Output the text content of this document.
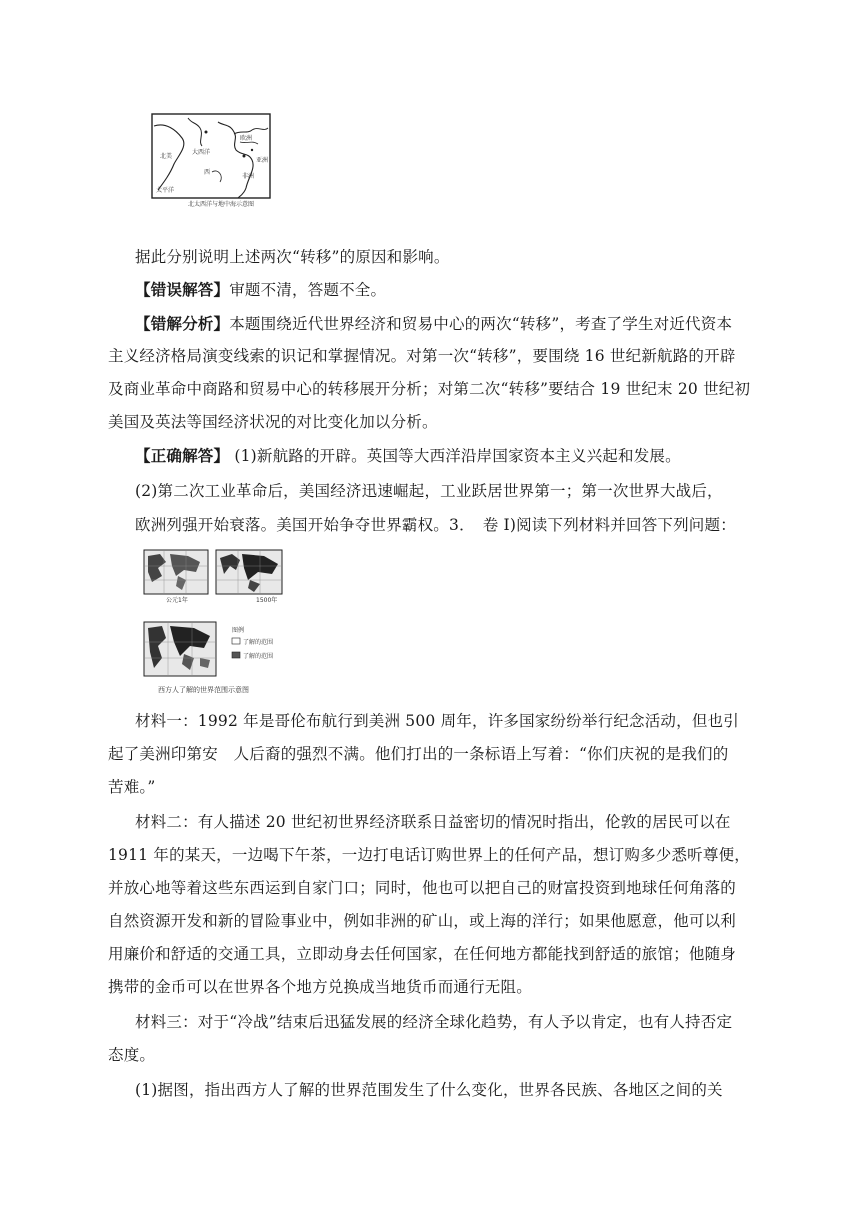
北美
大西洋
欧洲
太平洋
亚洲
非洲
西
北太西洋与地中海示意图
据此分别说明上述两次“转移”的原因和影响。
【错误解答】审题不清，答题不全。
【错解分析】本题围绕近代世界经济和贸易中心的两次“转移”，考查了学生对近代资本
主义经济格局演变线索的识记和掌握情况。对第一次“转移”，要围绕 16 世纪新航路的开辟
及商业革命中商路和贸易中心的转移展开分析；对第二次“转移”要结合 19 世纪末 20 世纪初
美国及英法等国经济状况的对比变化加以分析。
【正确解答】 (1)新航路的开辟。英国等大西洋沿岸国家资本主义兴起和发展。
(2)第二次工业革命后，美国经济迅速崛起，工业跃居世界第一；第一次世界大战后，
欧洲列强开始衰落。美国开始争夺世界霸权。3．　卷 I)阅读下列材料并回答下列问题：
公元1年	1500年
图例
了解的范围
了解的范围
西方人了解的世界范围示意图
材料一：1992 年是哥伦布航行到美洲 500 周年，许多国家纷纷举行纪念活动，但也引
起了美洲印第安　人后裔的强烈不满。他们打出的一条标语上写着：“你们庆祝的是我们的
苦难。”
材料二：有人描述 20 世纪初世界经济联系日益密切的情况时指出，伦敦的居民可以在
1911 年的某天，一边喝下午茶，一边打电话订购世界上的任何产品，想订购多少悉听尊便，
并放心地等着这些东西运到自家门口；同时，他也可以把自己的财富投资到地球任何角落的
自然资源开发和新的冒险事业中，例如非洲的矿山，或上海的洋行；如果他愿意，他可以利
用廉价和舒适的交通工具，立即动身去任何国家，在任何地方都能找到舒适的旅馆；他随身
携带的金币可以在世界各个地方兑换成当地货币而通行无阻。
材料三：对于“冷战”结束后迅猛发展的经济全球化趋势，有人予以肯定，也有人持否定
态度。
(1)据图，指出西方人了解的世界范围发生了什么变化，世界各民族、各地区之间的关
